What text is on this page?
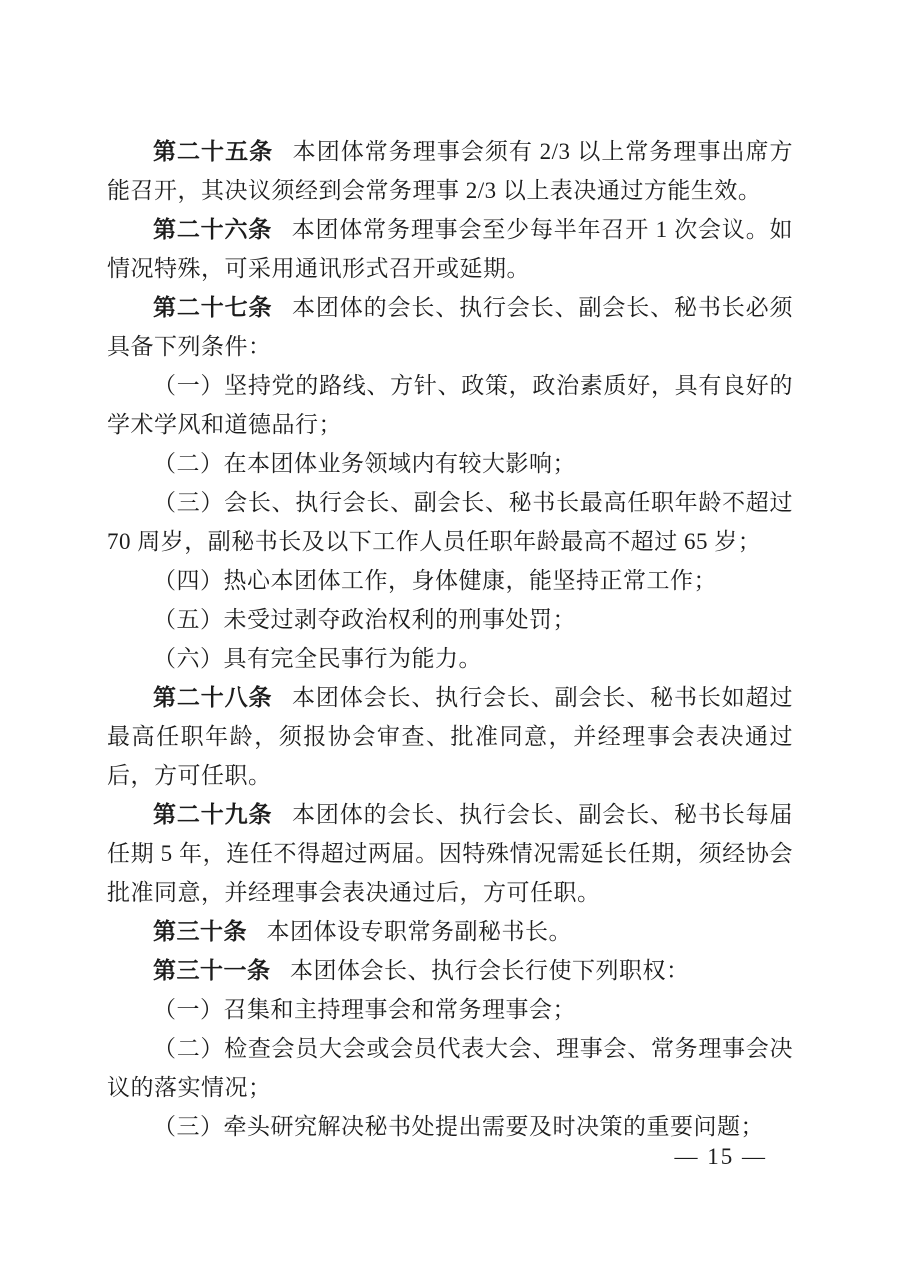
第二十五条 本团体常务理事会须有 2/3 以上常务理事出席方能召开，其决议须经到会常务理事 2/3 以上表决通过方能生效。

第二十六条 本团体常务理事会至少每半年召开 1 次会议。如情况特殊，可采用通讯形式召开或延期。

第二十七条 本团体的会长、执行会长、副会长、秘书长必须具备下列条件：

（一）坚持党的路线、方针、政策，政治素质好，具有良好的学术学风和道德品行；

（二）在本团体业务领域内有较大影响；

（三）会长、执行会长、副会长、秘书长最高任职年龄不超过 70 周岁，副秘书长及以下工作人员任职年龄最高不超过 65 岁；

（四）热心本团体工作，身体健康，能坚持正常工作；

（五）未受过剥夺政治权利的刑事处罚；

（六）具有完全民事行为能力。

第二十八条 本团体会长、执行会长、副会长、秘书长如超过最高任职年龄，须报协会审查、批准同意，并经理事会表决通过后，方可任职。

第二十九条 本团体的会长、执行会长、副会长、秘书长每届任期 5 年，连任不得超过两届。因特殊情况需延长任期，须经协会批准同意，并经理事会表决通过后，方可任职。

第三十条 本团体设专职常务副秘书长。

第三十一条 本团体会长、执行会长行使下列职权：

（一）召集和主持理事会和常务理事会；

（二）检查会员大会或会员代表大会、理事会、常务理事会决议的落实情况；

（三）牵头研究解决秘书处提出需要及时决策的重要问题；

— 15 —
